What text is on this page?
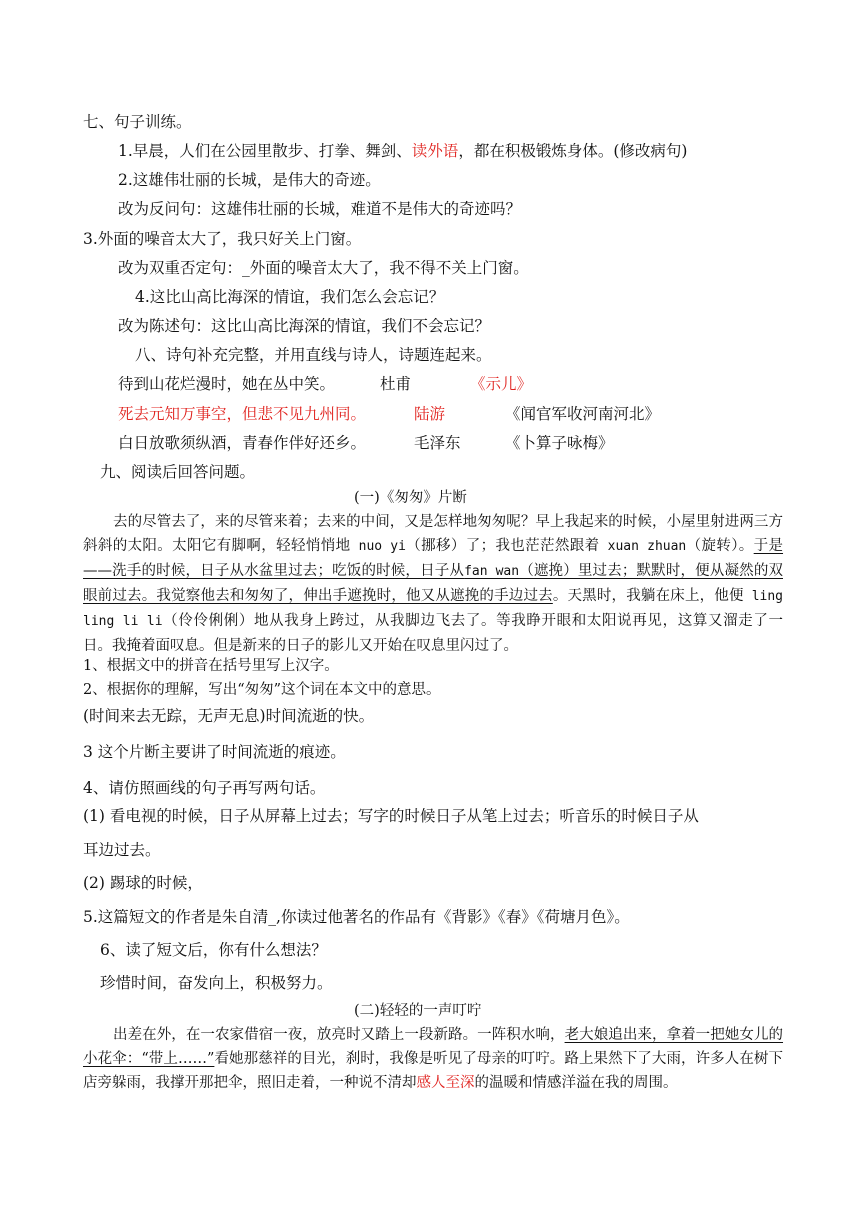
七、句子训练。
1.早晨，人们在公园里散步、打拳、舞剑、读外语，都在积极锻炼身体。(修改病句)
2.这雄伟壮丽的长城，是伟大的奇迹。
改为反问句：这雄伟壮丽的长城，难道不是伟大的奇迹吗？
3.外面的噪音太大了，我只好关上门窗。
改为双重否定句：_外面的噪音太大了，我不得不关上门窗。
4.这比山高比海深的情谊，我们怎么会忘记？
改为陈述句：这比山高比海深的情谊，我们不会忘记？
八、诗句补充完整，并用直线与诗人，诗题连起来。
待到山花烂漫时，她在丛中笑。	杜甫	《示儿》
死去元知万事空，但悲不见九州同。	陆游	《闻官军收河南河北》
白日放歌须纵酒，青春作伴好还乡。	毛泽东	《卜算子咏梅》
九、阅读后回答问题。
(一)《匆匆》片断
去的尽管去了，来的尽管来着；去来的中间，又是怎样地匆匆呢？早上我起来的时候，小屋里射进两三方斜斜的太阳。太阳它有脚啊，轻轻悄悄地 nuo yi（挪移）了；我也茫茫然跟着 xuan zhuan（旋转）。于是——洗手的时候，日子从水盆里过去；吃饭的时候，日子从fan wan（遮挽）里过去；默默时，便从凝然的双眼前过去。我觉察他去和匆匆了，伸出手遮挽时，他又从遮挽的手边过去。天黑时，我躺在床上，他便 ling ling li li（伶伶俐俐）地从我身上跨过，从我脚边飞去了。等我睁开眼和太阳说再见，这算又溜走了一日。我掩着面叹息。但是新来的日子的影儿又开始在叹息里闪过了。
1、根据文中的拼音在括号里写上汉字。
2、根据你的理解，写出“匆匆”这个词在本文中的意思。
(时间来去无踪，无声无息)时间流逝的快。
3 这个片断主要讲了时间流逝的痕迹。
4、请仿照画线的句子再写两句话。
(1) 看电视的时候，日子从屏幕上过去；写字的时候日子从笔上过去；听音乐的时候日子从
耳边过去。
(2) 踢球的时候，
5.这篇短文的作者是朱自清_,你读过他著名的作品有《背影》《春》《荷塘月色》。
6、读了短文后，你有什么想法？
珍惜时间，奋发向上，积极努力。
(二)轻轻的一声叮咛
出差在外，在一农家借宿一夜，放亮时又踏上一段新路。一阵积水响，老大娘追出来，拿着一把她女儿的小花伞：“带上……”看她那慈祥的目光，刹时，我像是听见了母亲的叮咛。路上果然下了大雨，许多人在树下店旁躲雨，我撑开那把伞，照旧走着，一种说不清却感人至深的温暖和情感洋溢在我的周围。
